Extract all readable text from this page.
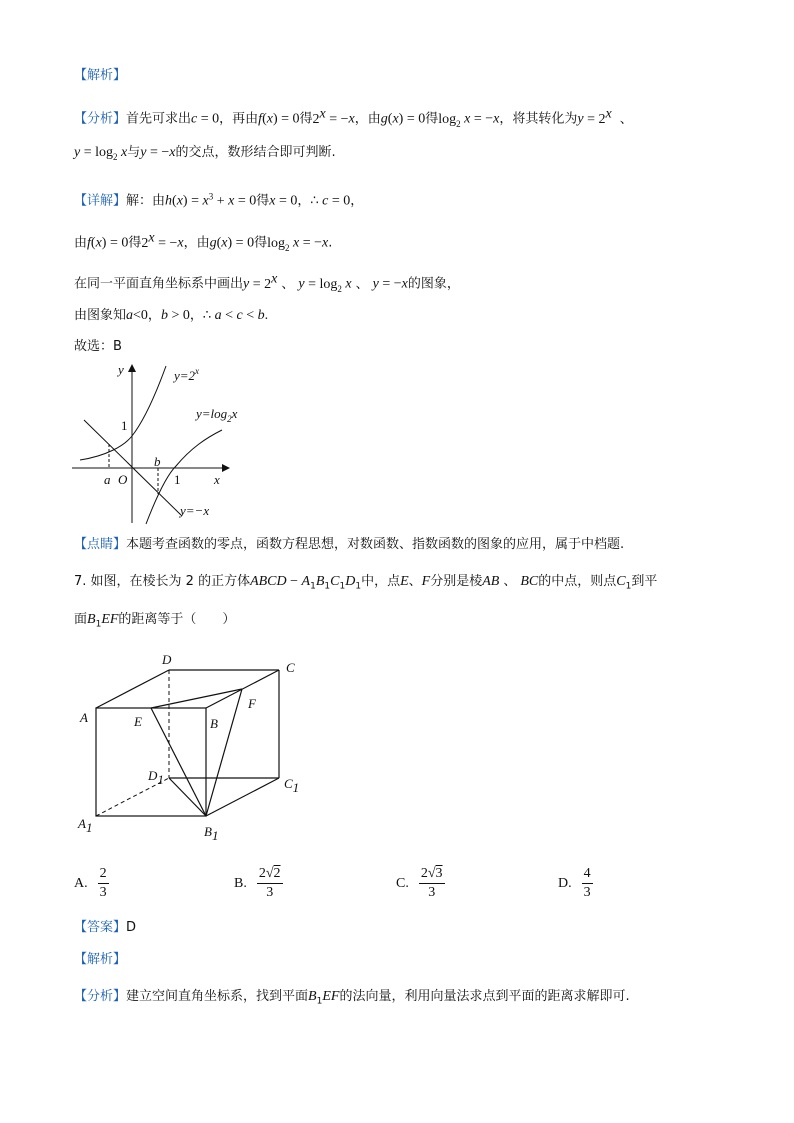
【解析】
【分析】首先可求出c = 0，再由f(x) = 0得$2^x = -x$，由g(x) = 0得$\log_2 x = -x$，将其转化为$y = 2^x$ 、
$y = \log_2 x$与y = −x的交点，数形结合即可判断.
【详解】解：由$h(x) = x^3 + x = 0$得x = 0，∴ c = 0，
由f(x) = 0得$2^x = -x$，由g(x) = 0得$\log_2 x = -x$.
在同一平面直角坐标系中画出$y = 2^x$ 、 $y = \log_2 x$ 、 y = −x的图象，
由图象知a<0，b > 0，∴ a < c < b.
故选：B
y
x
O
a
b
1
1
$y=2^x$
$y=\log_2x$
y=−x
【点睛】本题考查函数的零点，函数方程思想，对数函数、指数函数的图象的应用，属于中档题.
7. 如图，在棱长为 2 的正方体ABCD − $A_1B_1C_1D_1$中，点E、F分别是棱AB 、 BC的中点，则点$C_1$到平
面$B_1EF$的距离等于（　　）
D
C
A	E	B
F
D1	C1
A1	B1
A. $\frac{2}{3}$	B. $\frac{2√2}{3}$	C. $\frac{2√3}{3}$	D. $\frac{4}{3}$
【答案】D
【解析】
【分析】建立空间直角坐标系，找到平面$B_1EF$的法向量，利用向量法求点到平面的距离求解即可.
